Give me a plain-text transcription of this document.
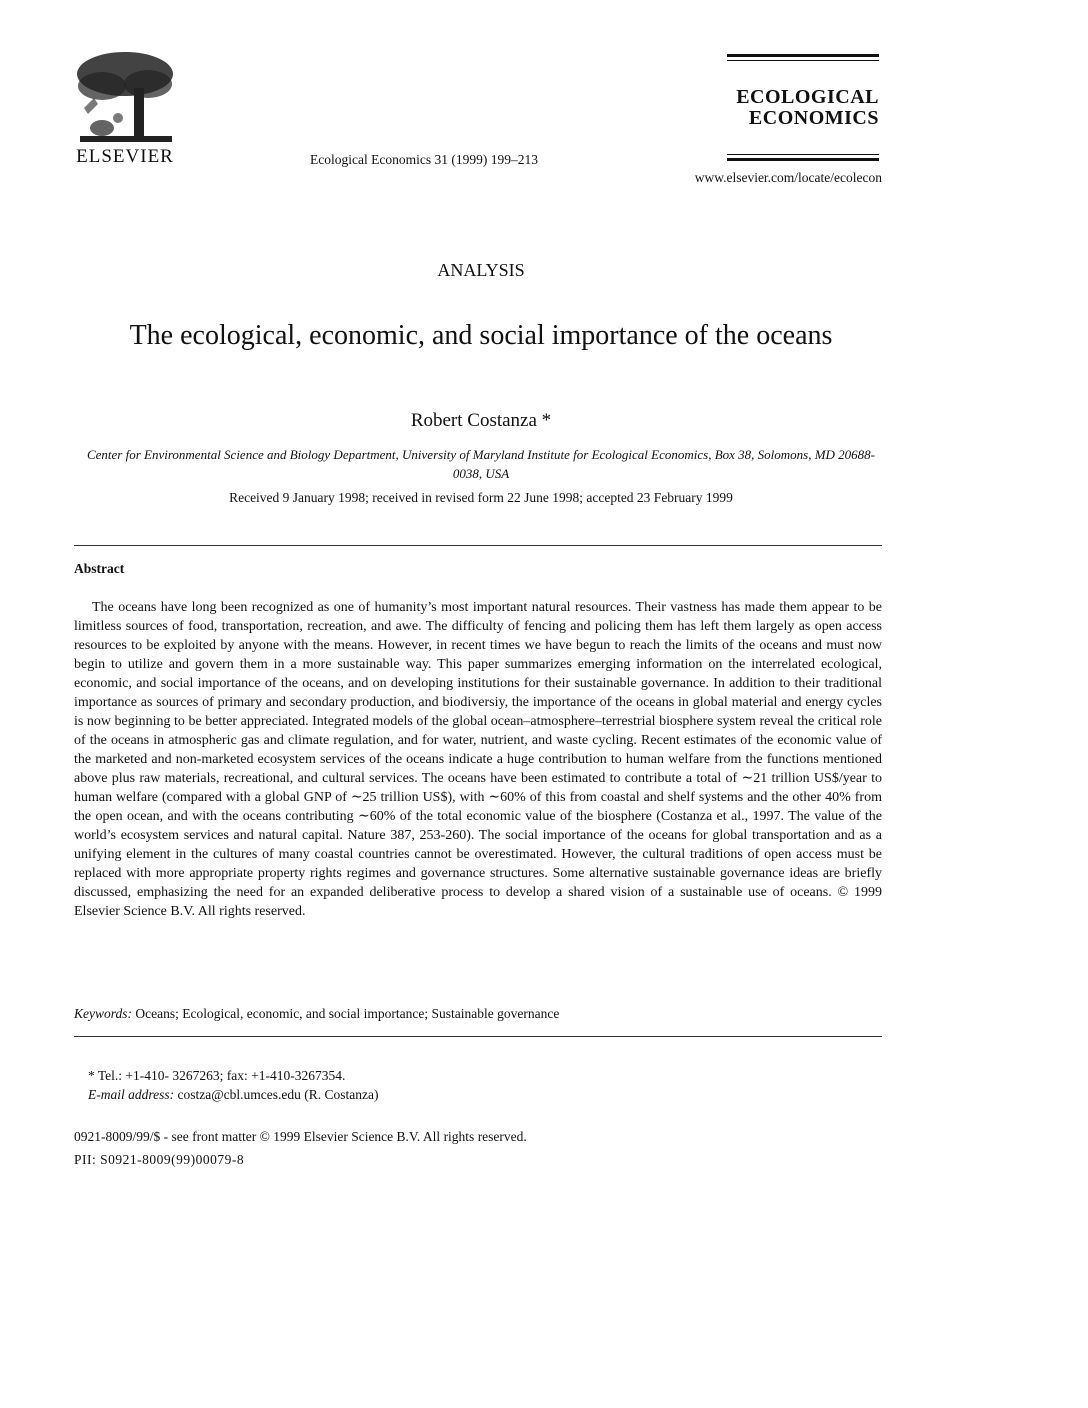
ELSEVIER	Ecological Economics 31 (1999) 199–213
ECOLOGICAL
ECONOMICS
www.elsevier.com/locate/ecolecon
ANALYSIS
The ecological, economic, and social importance of the oceans
Robert Costanza *
Center for Environmental Science and Biology Department, University of Maryland Institute for Ecological Economics, Box 38, Solomons, MD 20688-0038, USA
Received 9 January 1998; received in revised form 22 June 1998; accepted 23 February 1999
Abstract

The oceans have long been recognized as one of humanity’s most important natural resources. Their vastness has made them appear to be limitless sources of food, transportation, recreation, and awe. The difficulty of fencing and policing them has left them largely as open access resources to be exploited by anyone with the means. However, in recent times we have begun to reach the limits of the oceans and must now begin to utilize and govern them in a more sustainable way. This paper summarizes emerging information on the interrelated ecological, economic, and social importance of the oceans, and on developing institutions for their sustainable governance. In addition to their traditional importance as sources of primary and secondary production, and biodiversiy, the importance of the oceans in global material and energy cycles is now beginning to be better appreciated. Integrated models of the global ocean–atmosphere–terrestrial biosphere system reveal the critical role of the oceans in atmospheric gas and climate regulation, and for water, nutrient, and waste cycling. Recent estimates of the economic value of the marketed and non-marketed ecosystem services of the oceans indicate a huge contribution to human welfare from the functions mentioned above plus raw materials, recreational, and cultural services. The oceans have been estimated to contribute a total of ∼21 trillion US$/year to human welfare (compared with a global GNP of ∼25 trillion US$), with ∼60% of this from coastal and shelf systems and the other 40% from the open ocean, and with the oceans contributing ∼60% of the total economic value of the biosphere (Costanza et al., 1997. The value of the world’s ecosystem services and natural capital. Nature 387, 253-260). The social importance of the oceans for global transportation and as a unifying element in the cultures of many coastal countries cannot be overestimated. However, the cultural traditions of open access must be replaced with more appropriate property rights regimes and governance structures. Some alternative sustainable governance ideas are briefly discussed, emphasizing the need for an expanded deliberative process to develop a shared vision of a sustainable use of oceans. © 1999 Elsevier Science B.V. All rights reserved.

Keywords: Oceans; Ecological, economic, and social importance; Sustainable governance
* Tel.: +1-410- 3267263; fax: +1-410-3267354.
E-mail address: costza@cbl.umces.edu (R. Costanza)
0921-8009/99/$ - see front matter © 1999 Elsevier Science B.V. All rights reserved.
PII: S0921-8009(99)00079-8
